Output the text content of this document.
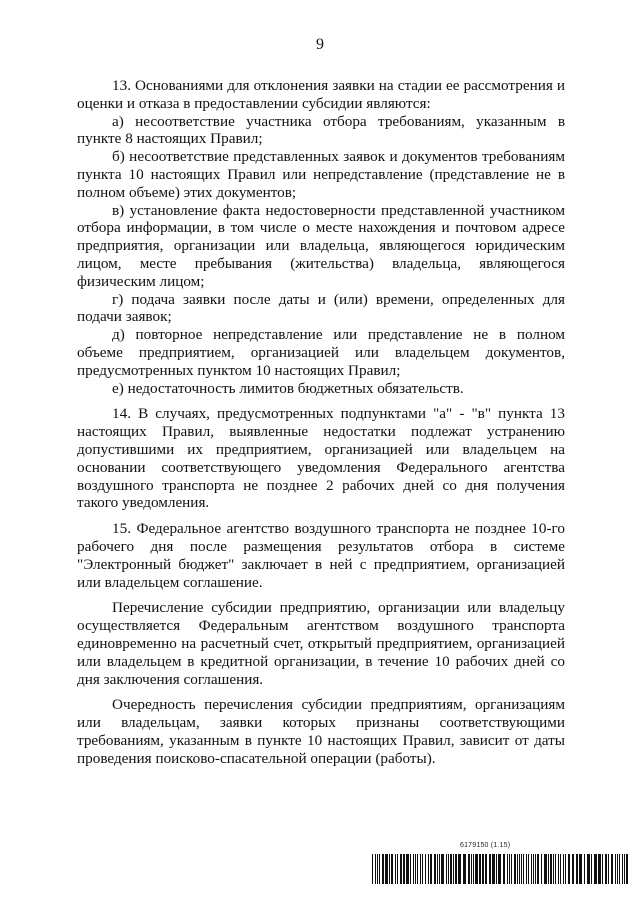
9

13. Основаниями для отклонения заявки на стадии ее рассмотрения и оценки и отказа в предоставлении субсидии являются:

а) несоответствие участника отбора требованиям, указанным в пункте 8 настоящих Правил;

б) несоответствие представленных заявок и документов требованиям пункта 10 настоящих Правил или непредставление (представление не в полном объеме) этих документов;

в) установление факта недостоверности представленной участником отбора информации, в том числе о месте нахождения и почтовом адресе предприятия, организации или владельца, являющегося юридическим лицом, месте пребывания (жительства) владельца, являющегося физическим лицом;

г) подача заявки после даты и (или) времени, определенных для подачи заявок;

д) повторное непредставление или представление не в полном объеме предприятием, организацией или владельцем документов, предусмотренных пунктом 10 настоящих Правил;

е) недостаточность лимитов бюджетных обязательств.

14. В случаях, предусмотренных подпунктами "а" - "в" пункта 13 настоящих Правил, выявленные недостатки подлежат устранению допустившими их предприятием, организацией или владельцем на основании соответствующего уведомления Федерального агентства воздушного транспорта не позднее 2 рабочих дней со дня получения такого уведомления.

15. Федеральное агентство воздушного транспорта не позднее 10-го рабочего дня после размещения результатов отбора в системе "Электронный бюджет" заключает в ней с предприятием, организацией или владельцем соглашение.

Перечисление субсидии предприятию, организации или владельцу осуществляется Федеральным агентством воздушного транспорта единовременно на расчетный счет, открытый предприятием, организацией или владельцем в кредитной организации, в течение 10 рабочих дней со дня заключения соглашения.

Очередность перечисления субсидии предприятиям, организациям или владельцам, заявки которых признаны соответствующими требованиям, указанным в пункте 10 настоящих Правил, зависит от даты проведения поисково-спасательной операции (работы).

6179150 (1.15)
